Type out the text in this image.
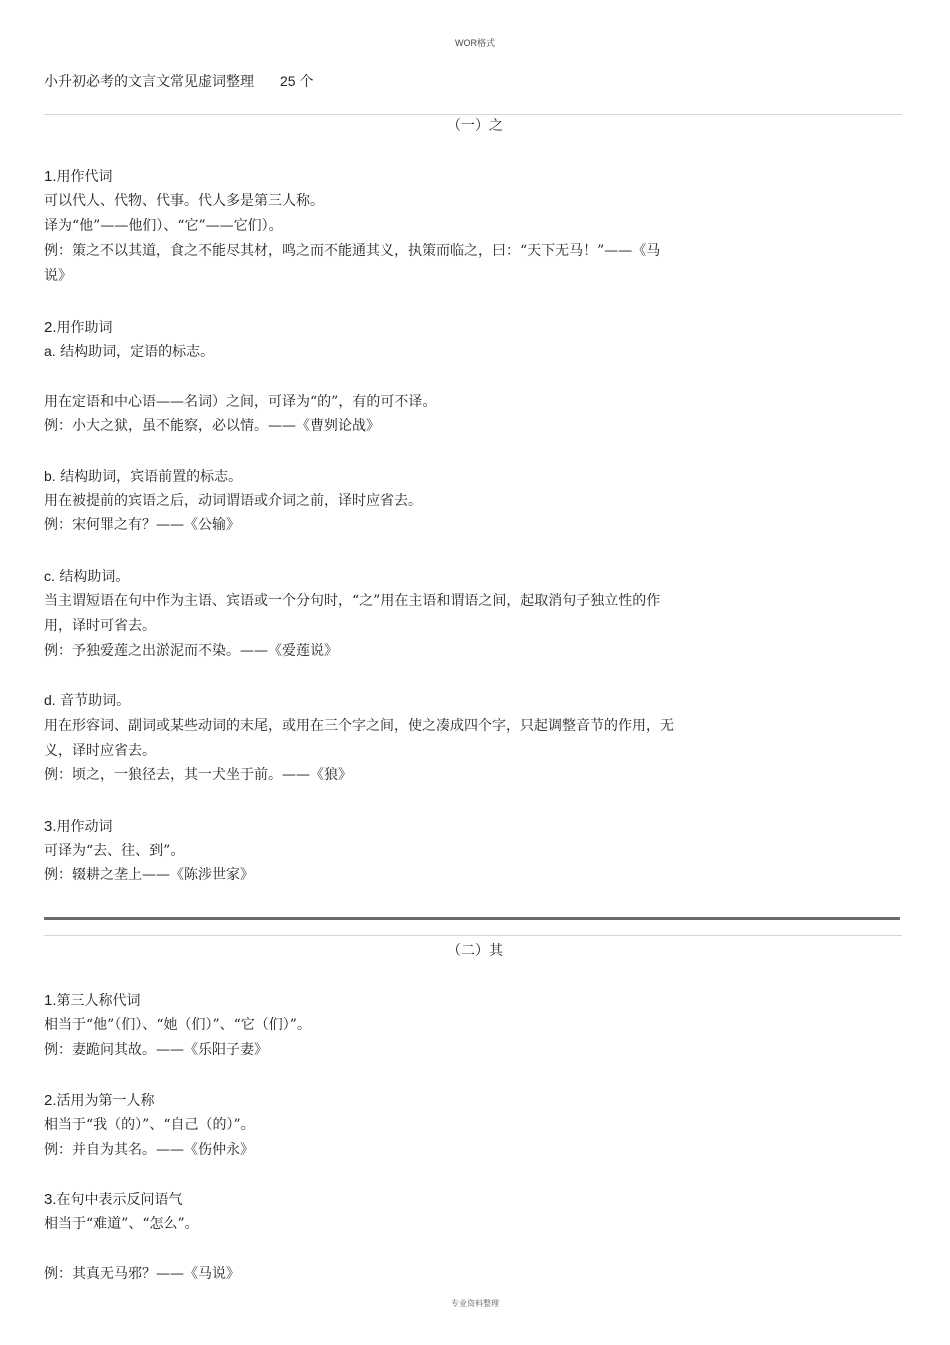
WOR格式
小升初必考的文言文常见虚词整理 25 个
（一）之
1.用作代词
可以代人、代物、代事。代人多是第三人称。
译为“他”——他们）、“它”——它们）。
例：策之不以其道，食之不能尽其材，鸣之而不能通其义，执策而临之，曰：“天下无马！”——《马
说》
2.用作助词
a. 结构助词，定语的标志。
用在定语和中心语——名词）之间，可译为“的”，有的可不译。
例：小大之狱，虽不能察，必以情。——《曹刿论战》
b. 结构助词，宾语前置的标志。
用在被提前的宾语之后，动词谓语或介词之前，译时应省去。
例：宋何罪之有？——《公输》
c. 结构助词。
当主谓短语在句中作为主语、宾语或一个分句时，“之”用在主语和谓语之间，起取消句子独立性的作
用，译时可省去。
例：予独爱莲之出淤泥而不染。——《爱莲说》
d. 音节助词。
用在形容词、副词或某些动词的末尾，或用在三个字之间，使之凑成四个字，只起调整音节的作用，无
义，译时应省去。
例：顷之，一狼径去，其一犬坐于前。——《狼》
3.用作动词
可译为“去、往、到”。
例：辍耕之垄上——《陈涉世家》
（二）其
1.第三人称代词
相当于“他”（们）、“她（们）”、“它（们）”。
例：妻跪问其故。——《乐阳子妻》
2.活用为第一人称
相当于“我（的）”、“自己（的）”。
例：并自为其名。——《伤仲永》
3.在句中表示反问语气
相当于“难道”、“怎么”。
例：其真无马邪？——《马说》
专业资料整理
